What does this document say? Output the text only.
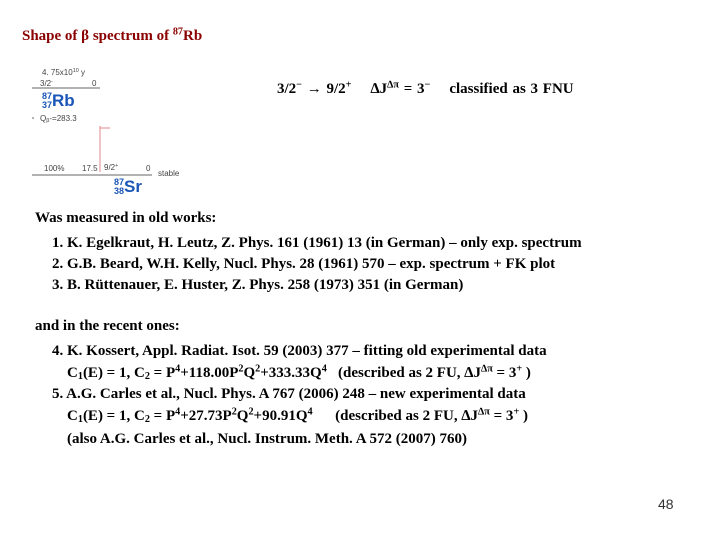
Shape of β spectrum of $^{87}$Rb
4. $75x10^{10}$ y
3/2-	0
87
37Rb
$Q_\beta-=283.3$
100% 17.5 9/2+	0
stable
87
38Sr
3/2− → 9/2+ $\Delta J^{\Delta\pi} = 3^-$ classified as 3 FNU
Was measured in old works:
1. K. Egelkraut, H. Leutz, Z. Phys. 161 (1961) 13 (in German) – only exp. spectrum
2. G.B. Beard, W.H. Kelly, Nucl. Phys. 28 (1961) 570 – exp. spectrum + FK plot
3. B. Rüttenauer, E. Huster, Z. Phys. 258 (1973) 351 (in German)
and in the recent ones:
4. K. Kossert, Appl. Radiat. Isot. 59 (2003) 377 – fitting old experimental data
$C_1(E) = 1$, $C_2 = P^4+118.00P^2Q^2+333.33Q^4$ (described as 2 FU, $\Delta J^{\Delta\pi} = 3^+$ )
5. A.G. Carles et al., Nucl. Phys. A 767 (2006) 248 – new experimental data
$C_1(E) = 1$, $C_2 = P^4+27.73P^2Q^2+90.91Q^4$ (described as 2 FU, $\Delta J^{\Delta\pi} = 3^+$ )
(also A.G. Carles et al., Nucl. Instrum. Meth. A 572 (2007) 760)
48
